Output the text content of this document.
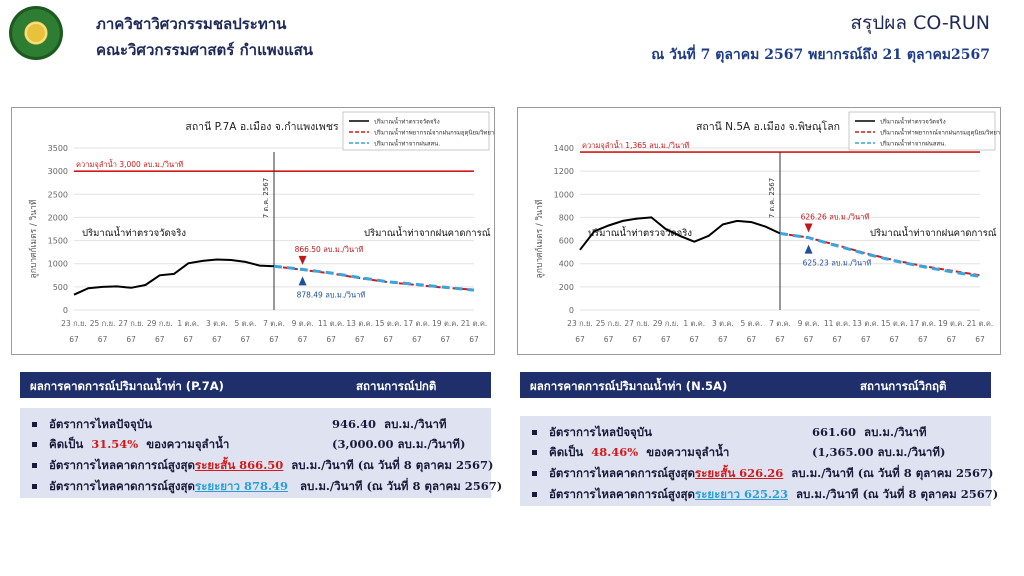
ภาควิชาวิศวกรรมชลประทาน
คณะวิศวกรรมศาสตร์ กำแพงแสน
สรุปผล CO-RUN
ณ วันที่ 7 ตุลาคม 2567 พยากรณ์ถึง 21 ตุลาคม2567
0
500
1000
1500
2000
2500
3000
3500
23 ก.ย.
67
25 ก.ย.
67
27 ก.ย.
67
29 ก.ย.
67
1 ต.ค.
67
3 ต.ค.
67
5 ต.ค.
67
7 ต.ค.
67
9 ต.ค.
67
11 ต.ค.
67
13 ต.ค.
67
15 ต.ค.
67
17 ต.ค.
67
19 ต.ค.
67
21 ต.ค.
67
ลูกบาศก์เมตร / วินาที
สถานี P.7A อ.เมือง จ.กำแพงเพชร	ปริมาณน้ำท่าตรวจวัดจริง
ปริมาณน้ำท่าพยากรณ์จากฝนกรมอุตุนิยมวิทยา
ปริมาณน้ำท่าจากฝนสสน.
ความจุลำน้ำ 3,000 ลบ.ม./วินาที
7 ต.ค. 2567
ปริมาณน้ำท่าตรวจวัดจริง	ปริมาณน้ำท่าจากฝนคาดการณ์
866.50 ลบ.ม./วินาที
878.49 ลบ.ม./วินาที
0
200
400
600
800
1000
1200
1400
23 ก.ย.
67
25 ก.ย.
67
27 ก.ย.
67
29 ก.ย.
67
1 ต.ค.
67
3 ต.ค.
67
5 ต.ค.
67
7 ต.ค.
67
9 ต.ค.
67
11 ต.ค.
67
13 ต.ค.
67
15 ต.ค.
67
17 ต.ค.
67
19 ต.ค.
67
21 ต.ค.
67
ลูกบาศก์เมตร / วินาที
สถานี N.5A อ.เมือง จ.พิษณุโลก	ปริมาณน้ำท่าตรวจวัดจริง
ปริมาณน้ำท่าพยากรณ์จากฝนกรมอุตุนิยมวิทยา
ปริมาณน้ำท่าจากฝนสสน.
ความจุลำน้ำ 1,365 ลบ.ม./วินาที
7 ต.ค. 2567
ปริมาณน้ำท่าตรวจวัดจริง	ปริมาณน้ำท่าจากฝนคาดการณ์
626.26 ลบ.ม./วินาที
625.23 ลบ.ม./วินาที
ผลการคาดการณ์ปริมาณน้ำท่า (P.7A)	สถานการณ์ปกติ
อัตราการไหลปัจจุบัน	946.40 ลบ.ม./วินาที
คิดเป็น 31.54% ของความจุลำน้ำ	(3,000.00 ลบ.ม./วินาที)
อัตราการไหลคาดการณ์สูงสุดระยะสั้น 866.50 ลบ.ม./วินาที (ณ วันที่ 8 ตุลาคม 2567)
อัตราการไหลคาดการณ์สูงสุดระยะยาว 878.49 ลบ.ม./วินาที (ณ วันที่ 8 ตุลาคม 2567)
ผลการคาดการณ์ปริมาณน้ำท่า (N.5A)	สถานการณ์วิกฤติ
อัตราการไหลปัจจุบัน	661.60 ลบ.ม./วินาที
คิดเป็น 48.46% ของความจุลำน้ำ	(1,365.00 ลบ.ม./วินาที)
อัตราการไหลคาดการณ์สูงสุดระยะสั้น 626.26 ลบ.ม./วินาที (ณ วันที่ 8 ตุลาคม 2567)
อัตราการไหลคาดการณ์สูงสุดระยะยาว 625.23 ลบ.ม./วินาที (ณ วันที่ 8 ตุลาคม 2567)
